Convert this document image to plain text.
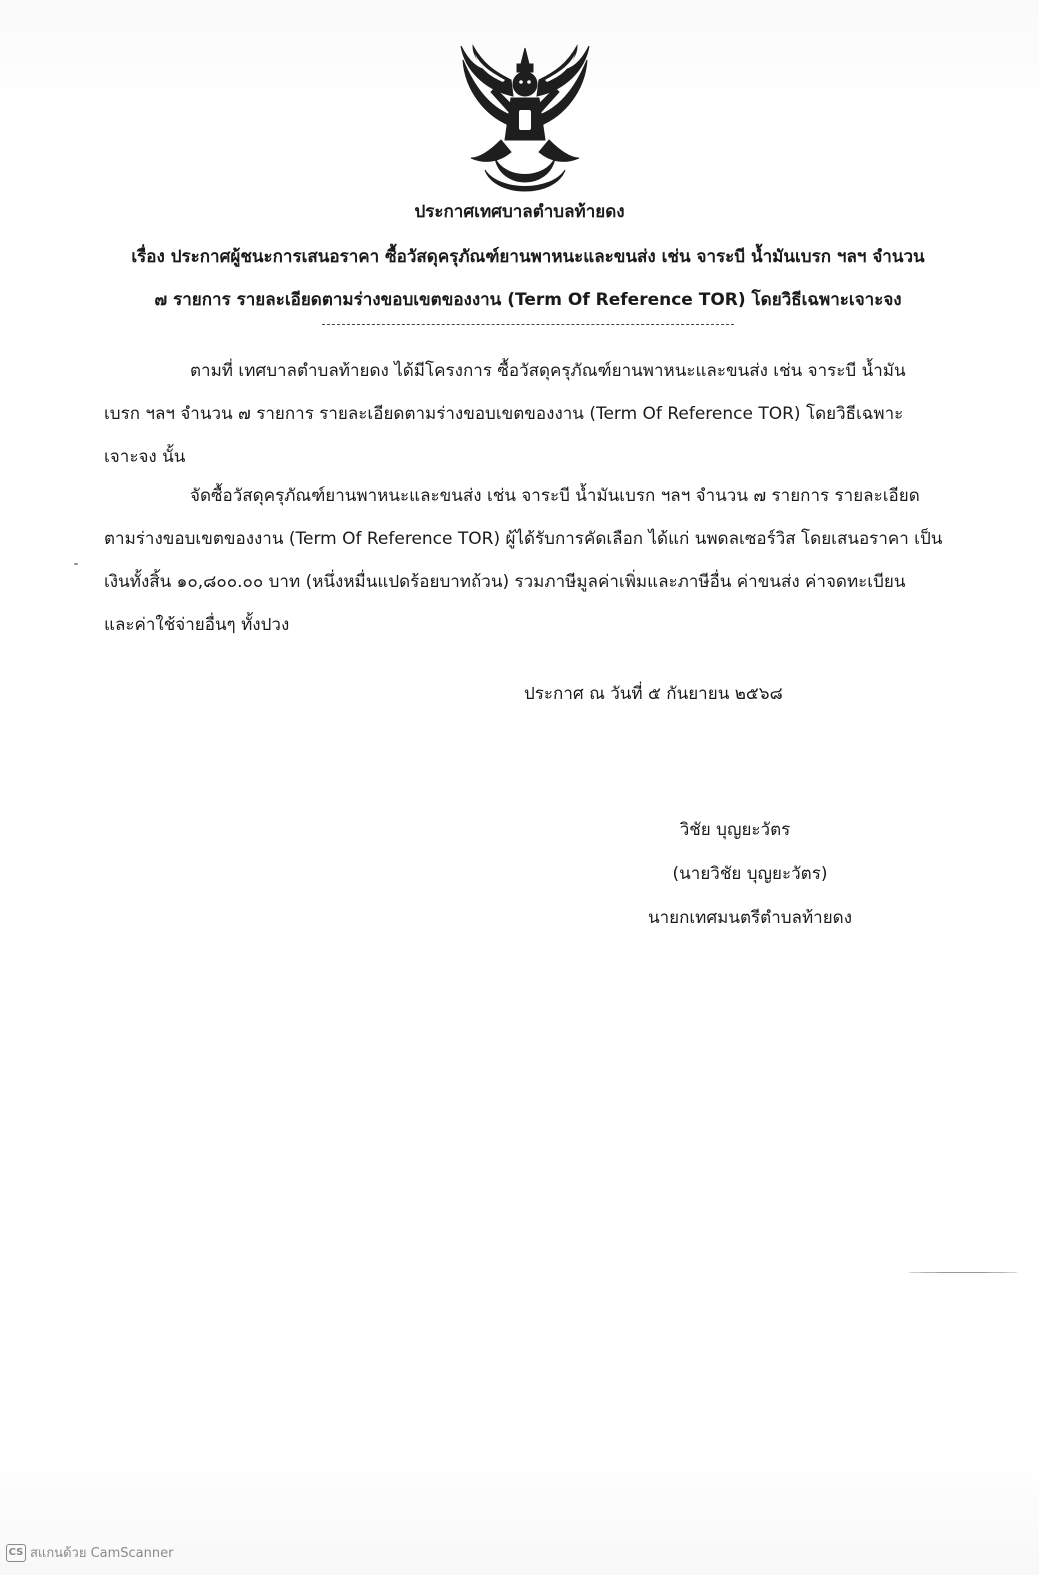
ประกาศเทศบาลตำบลท้ายดง
เรื่อง ประกาศผู้ชนะการเสนอราคา ซื้อวัสดุครุภัณฑ์ยานพาหนะและขนส่ง เช่น จาระบี น้ำมันเบรก ฯลฯ จำนวน
๗ รายการ รายละเอียดตามร่างขอบเขตของงาน (Term Of Reference TOR) โดยวิธีเฉพาะเจาะจง
ตามที่ เทศบาลตำบลท้ายดง ได้มีโครงการ ซื้อวัสดุครุภัณฑ์ยานพาหนะและขนส่ง เช่น จาระบี น้ำมัน
เบรก ฯลฯ จำนวน ๗ รายการ รายละเอียดตามร่างขอบเขตของงาน (Term Of Reference TOR) โดยวิธีเฉพาะ
เจาะจง นั้น
จัดซื้อวัสดุครุภัณฑ์ยานพาหนะและขนส่ง เช่น จาระบี น้ำมันเบรก ฯลฯ จำนวน ๗ รายการ รายละเอียด
ตามร่างขอบเขตของงาน (Term Of Reference TOR) ผู้ได้รับการคัดเลือก ได้แก่ นพดลเซอร์วิส โดยเสนอราคา เป็น
เงินทั้งสิ้น ๑๐,๘๐๐.๐๐ บาท (หนึ่งหมื่นแปดร้อยบาทถ้วน) รวมภาษีมูลค่าเพิ่มและภาษีอื่น ค่าขนส่ง ค่าจดทะเบียน
และค่าใช้จ่ายอื่นๆ ทั้งปวง
ประกาศ ณ วันที่ ๕ กันยายน ๒๕๖๘
วิชัย บุญยะวัตร
(นายวิชัย บุญยะวัตร)
นายกเทศมนตรีตำบลท้ายดง
CS สแกนด้วย CamScanner
